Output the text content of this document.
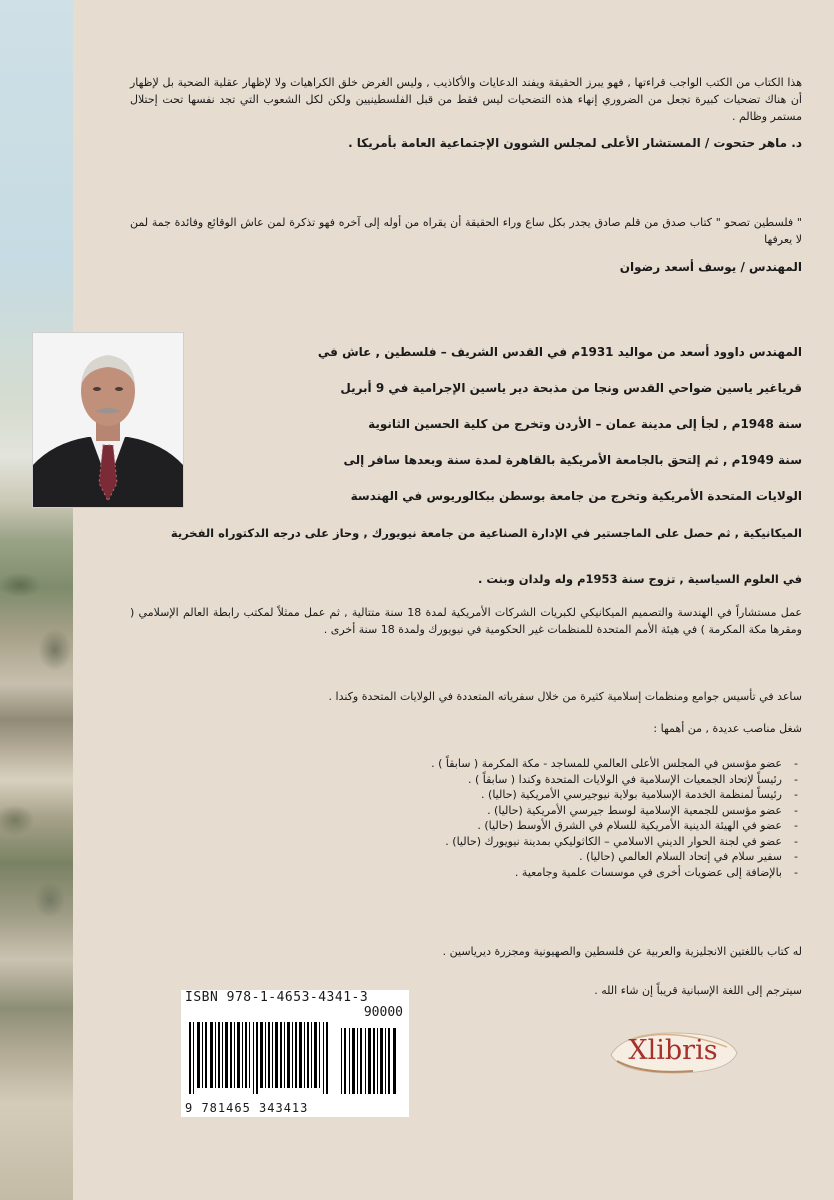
هذا الكتاب من الكتب الواجب قراءتها , فهو يبرز الحقيقة ويفند الدعايات والأكاذيب , وليس الغرض خلق الكراهيات ولا لإظهار عقلية الضحية بل لإظهار أن هناك تضحيات كبيرة تجعل من الضروري إنهاء هذه التضحيات ليس فقط من قبل الفلسطينيين ولكن لكل الشعوب التي تجد نفسها تحت إحتلال مستمر وظالم .

د. ماهر حتحوت / المستشار الأعلى لمجلس الشوون الإجتماعية العامة بأمريكا .

" فلسطين تصحو " كتاب صدق من قلم صادق يجدر بكل ساع وراء الحقيقة أن يقراه من أوله إلى آخره فهو تذكرة لمن عاش الوقائع وفائدة جمة لمن لا يعرفها

المهندس / يوسف أسعد رضوان

المهندس داوود أسعد من مواليد 1931م في القدس الشريف – فلسطين , عاش في
قرياغير ياسين ضواحي القدس ونجا من مذبحة دير ياسين الإجرامية في 9 أبريل
سنة 1948م , لجأ إلى مدينة عمان – الأردن وتخرج من كلية الحسين الثانوية
سنة 1949م , ثم إلتحق بالجامعة الأمريكية بالقاهرة لمدة سنة وبعدها سافر إلى
الولايات المتحدة الأمريكية وتخرج من جامعة بوسطن ببكالوريوس في الهندسة
الميكانيكية , ثم حصل على الماجستير في الإدارة الصناعية من جامعة نيويورك , وحاز على درجه الدكتوراه الفخرية
في العلوم السياسية , تزوج سنة 1953م وله ولدان وبنت .

عمل مستشاراً في الهندسة والتصميم الميكانيكي لكبريات الشركات الأمريكية لمدة 18 سنة متتالية , ثم عمل ممثلاً لمكتب رابطة العالم الإسلامي ( ومقرها مكة المكرمة ) في هيئة الأمم المتحدة للمنظمات غير الحكومية في نيويورك ولمدة 18 سنة أخرى .

ساعد في تأسيس جوامع ومنظمات إسلامية كثيرة من خلال سفرياته المتعددة في الولايات المتحدة وكندا .

شغل مناصب عديدة , من أهمها :

- عضو مؤسس في المجلس الأعلى العالمي للمساجد - مكة المكرمة ( سابقاً ) .
- رئيساً لإتحاد الجمعيات الإسلامية في الولايات المتحدة وكندا ( سابقاً ) .
- رئيساً لمنظمة الخدمة الإسلامية بولاية نيوجيرسي الأمريكية (حاليا) .
- عضو مؤسس للجمعية الإسلامية لوسط جيرسي الأمريكية (حاليا) .
- عضو في الهيئة الدينية الأمريكية للسلام في الشرق الأوسط (حاليا) .
- عضو في لجنة الحوار الديني الاسلامي – الكاثوليكي بمدينة نيويورك (حاليا) .
- سفير سلام في إتحاد السلام العالمي (حاليا) .
- بالإضافة إلى عضويات أخرى في موسسات علمية وجامعية .

له كتاب باللغتين الانجليزية والعربية عن فلسطين والصهيونية ومجزرة ديرياسين .

سيترجم إلى اللغة الإسبانية قريباً إن شاء الله .

ISBN 978-1-4653-4341-3
90000
9 781465 343413
Xlibris
